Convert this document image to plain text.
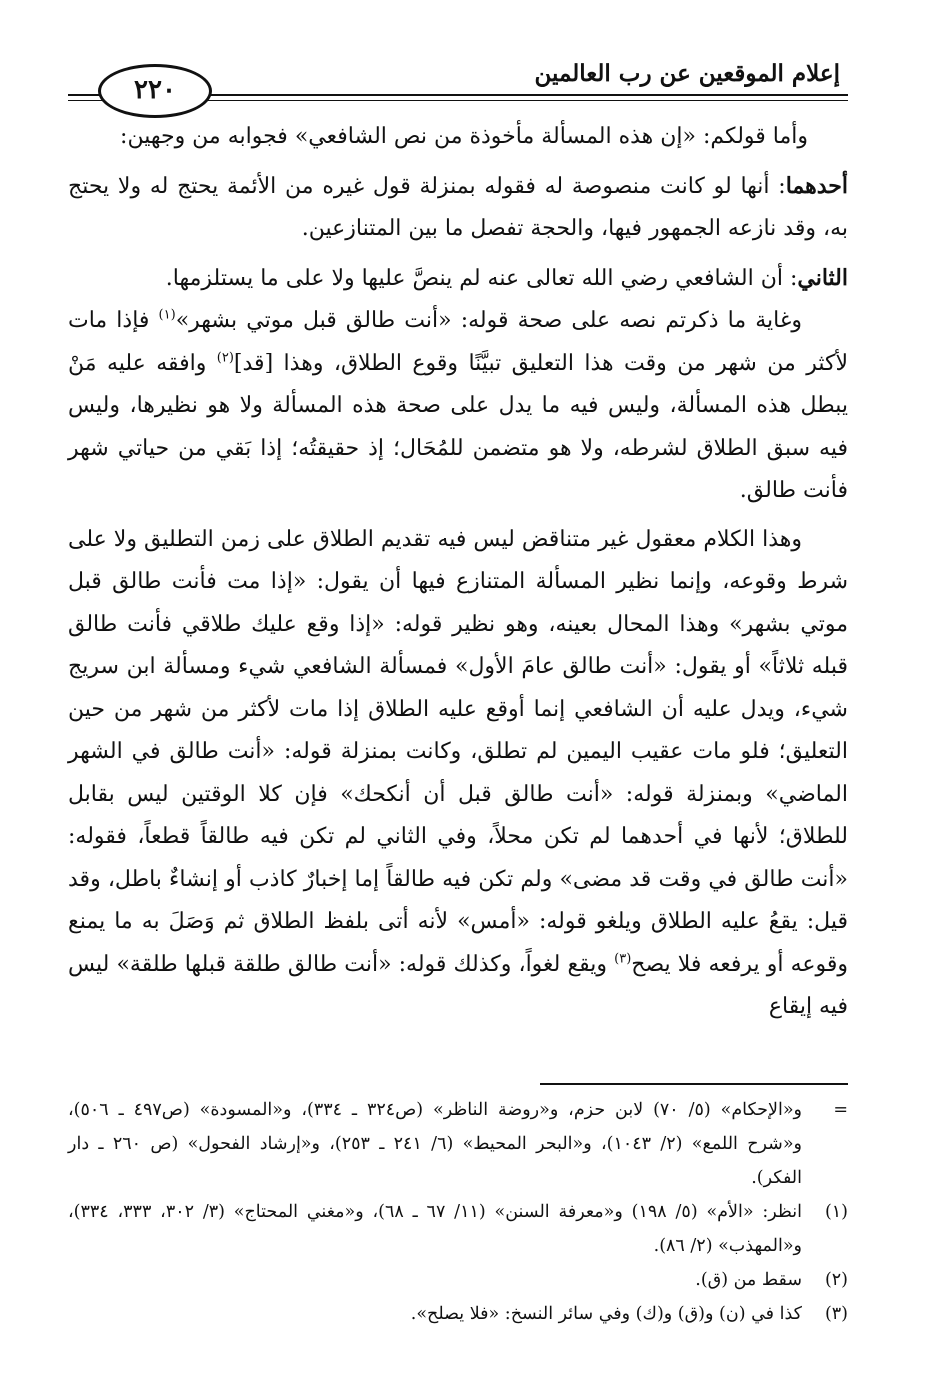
إعلام الموقعين عن رب العالمين
٢٢٠

وأما قولكم: «إن هذه المسألة مأخوذة من نص الشافعي» فجوابه من وجهين:

أحدهما: أنها لو كانت منصوصة له فقوله بمنزلة قول غيره من الأئمة يحتج له ولا يحتج به، وقد نازعه الجمهور فيها، والحجة تفصل ما بين المتنازعين.

الثاني: أن الشافعي رضي الله تعالى عنه لم ينصَّ عليها ولا على ما يستلزمها.

وغاية ما ذكرتم نصه على صحة قوله: «أنت طالق قبل موتي بشهر»$^{(١)}$ فإذا مات لأكثر من شهر من وقت هذا التعليق تبيَّنًا وقوع الطلاق، وهذا [قد]$^{(٢)}$ وافقه عليه مَنْ يبطل هذه المسألة، وليس فيه ما يدل على صحة هذه المسألة ولا هو نظيرها، وليس فيه سبق الطلاق لشرطه، ولا هو متضمن للمُحَال؛ إذ حقيقتُه؛ إذا بَقي من حياتي شهر فأنت طالق.

وهذا الكلام معقول غير متناقض ليس فيه تقديم الطلاق على زمن التطليق ولا على شرط وقوعه، وإنما نظير المسألة المتنازع فيها أن يقول: «إذا مت فأنت طالق قبل موتي بشهر» وهذا المحال بعينه، وهو نظير قوله: «إذا وقع عليك طلاقي فأنت طالق قبله ثلاثاً» أو يقول: «أنت طالق عامَ الأول» فمسألة الشافعي شيء ومسألة ابن سريج شيء، ويدل عليه أن الشافعي إنما أوقع عليه الطلاق إذا مات لأكثر من شهر من حين التعليق؛ فلو مات عقيب اليمين لم تطلق، وكانت بمنزلة قوله: «أنت طالق في الشهر الماضي» وبمنزلة قوله: «أنت طالق قبل أن أنكحك» فإن كلا الوقتين ليس بقابل للطلاق؛ لأنها في أحدهما لم تكن محلاً، وفي الثاني لم تكن فيه طالقاً قطعاً، فقوله: «أنت طالق في وقت قد مضى» ولم تكن فيه طالقاً إما إخبارٌ كاذب أو إنشاءٌ باطل، وقد قيل: يقعُ عليه الطلاق ويلغو قوله: «أمس» لأنه أتى بلفظ الطلاق ثم وَصَلَ به ما يمنع وقوعه أو يرفعه فلا يصح$^{(٣)}$ ويقع لغواً، وكذلك قوله: «أنت طالق طلقة قبلها طلقة» ليس فيه إيقاع

=
و«الإحكام» (٥/ ٧٠) لابن حزم، و«روضة الناظر» (ص٣٢٤ ـ ٣٣٤)، و«المسودة» (ص٤٩٧ ـ ٥٠٦)، و«شرح اللمع» (٢/ ١٠٤٣)، و«البحر المحيط» (٦/ ٢٤١ ـ ٢٥٣)، و«إرشاد الفحول» (ص ٢٦٠ ـ دار الفكر).
(١)
انظر: «الأم» (٥/ ١٩٨) و«معرفة السنن» (١١/ ٦٧ ـ ٦٨)، و«مغني المحتاج» (٣/ ٣٠٢، ٣٣٣، ٣٣٤)، و«المهذب» (٢/ ٨٦).
(٢)
سقط من (ق).
(٣)
كذا في (ن) و(ق) و(ك) وفي سائر النسخ: «فلا يصلح».
